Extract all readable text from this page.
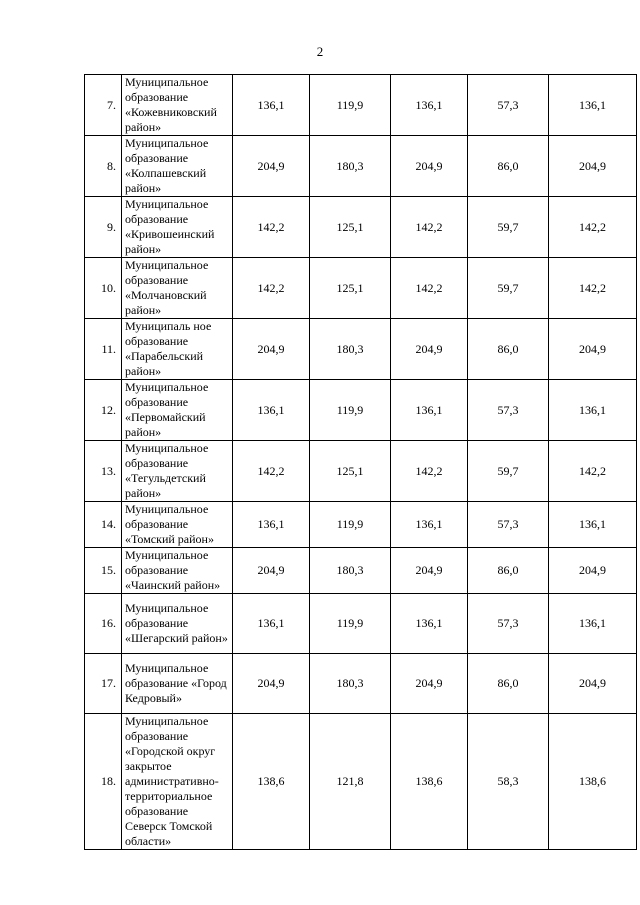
2
7.	Муниципальное образование «Кожевниковский район»	136,1	119,9	136,1	57,3	136,1
8.	Муниципальное образование «Колпашевский район»	204,9	180,3	204,9	86,0	204,9
9.	Муниципальное образование «Кривошеинский район»	142,2	125,1	142,2	59,7	142,2
10.	Муниципальное образование «Молчановский район»	142,2	125,1	142,2	59,7	142,2
11.	Муниципаль ное образование «Парабельский район»	204,9	180,3	204,9	86,0	204,9
12.	Муниципальное образование «Первомайский район»	136,1	119,9	136,1	57,3	136,1
13.	Муниципальное образование «Тегульдетский район»	142,2	125,1	142,2	59,7	142,2
14.	Муниципальное образование «Томский район»	136,1	119,9	136,1	57,3	136,1
15.	Муниципальное образование «Чаинский район»	204,9	180,3	204,9	86,0	204,9
16.	Муниципальное образование «Шегарский район»	136,1	119,9	136,1	57,3	136,1
17.	Муниципальное образование «Город Кедровый»	204,9	180,3	204,9	86,0	204,9
18.	Муниципальное образование «Городской округ закрытое административно-территориальное образование Северск Томской области»	138,6	121,8	138,6	58,3	138,6
